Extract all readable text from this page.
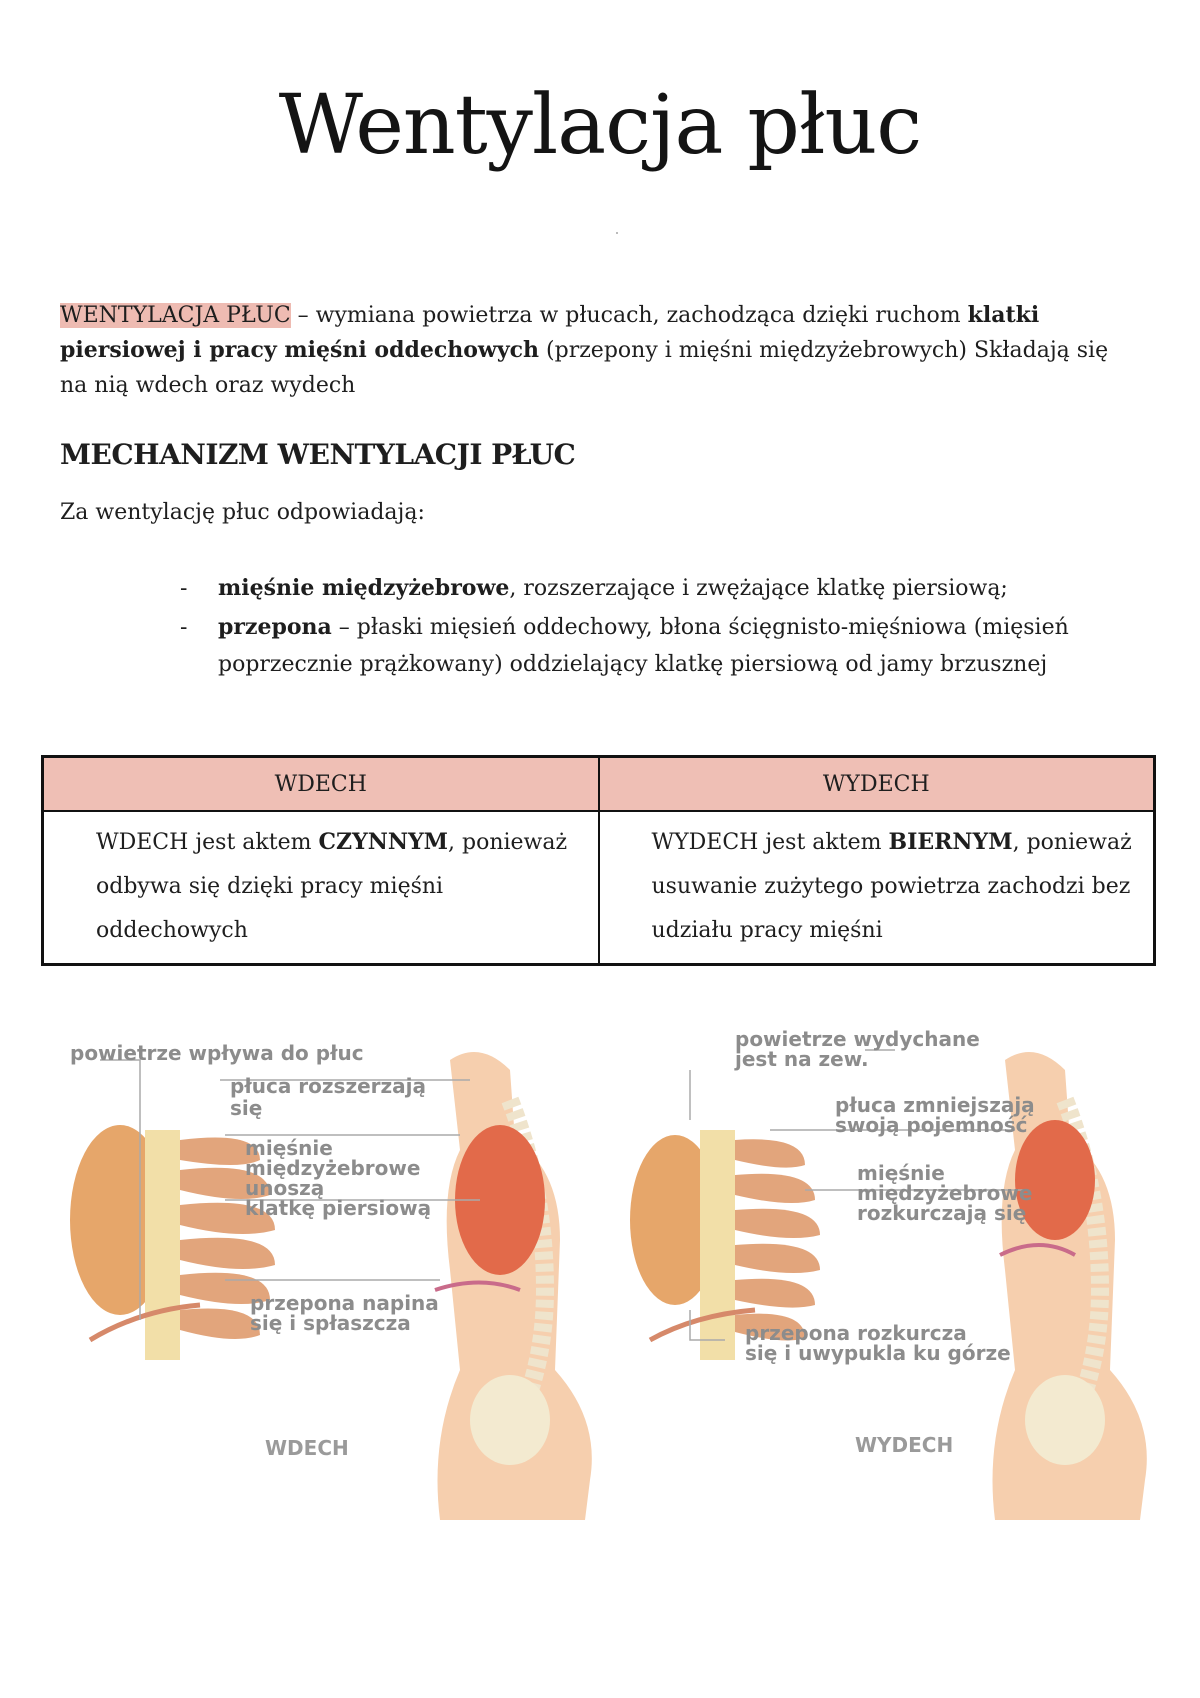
Wentylacja płuc

WENTYLACJA PŁUC – wymiana powietrza w płucach, zachodząca dzięki ruchom klatki piersiowej i pracy mięśni oddechowych (przepony i mięśni międzyżebrowych) Składają się na nią wdech oraz wydech

MECHANIZM WENTYLACJI PŁUC
Za wentylację płuc odpowiadają:
- mięśnie międzyżebrowe, rozszerzające i zwężające klatkę piersiową;
- przepona – płaski mięsień oddechowy, błona ścięgnisto-mięśniowa (mięsień poprzecznie prążkowany) oddzielający klatkę piersiową od jamy brzusznej
WDECH	WYDECH
WDECH jest aktem CZYNNYM, ponieważ odbywa się dzięki pracy mięśni oddechowych	WYDECH jest aktem BIERNYM, ponieważ usuwanie zużytego powietrza zachodzi bez udziału pracy mięśni
powietrze wpływa do płuc
płuca rozszerzają
się
mięśnie
międzyżebrowe
unoszą
klatkę piersiową
przepona napina
się i spłaszcza
WDECH
powietrze wydychane
jest na zew.
płuca zmniejszają
swoją pojemność
mięśnie
międzyżebrowe
rozkurczają się
przepona rozkurcza
się i uwypukla ku górze
WYDECH
